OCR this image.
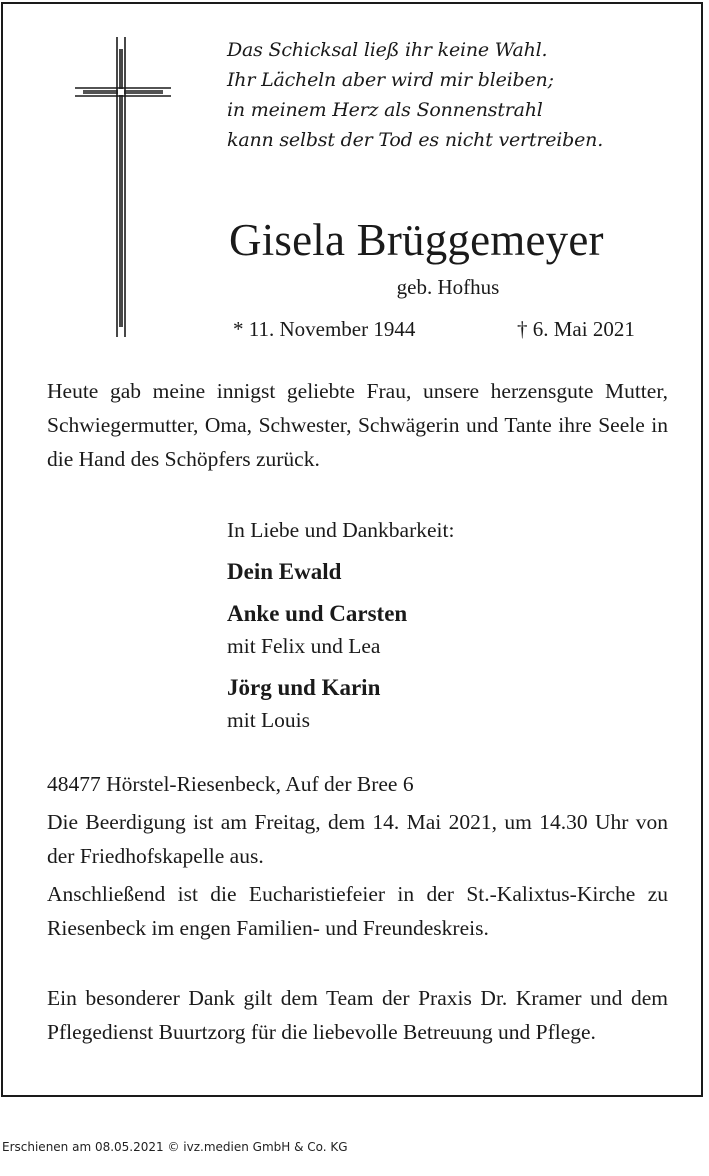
Das Schicksal ließ ihr keine Wahl.
Ihr Lächeln aber wird mir bleiben;
in meinem Herz als Sonnenstrahl
kann selbst der Tod es nicht vertreiben.
Gisela Brüggemeyer
geb. Hofhus
* 11. November 1944	† 6. Mai 2021
Heute gab meine innigst geliebte Frau, unsere herzensgute Mutter, Schwiegermutter, Oma, Schwester, Schwägerin und Tante ihre Seele in die Hand des Schöpfers zurück.
In Liebe und Dankbarkeit:
Dein Ewald
Anke und Carsten
mit Felix und Lea
Jörg und Karin
mit Louis
48477 Hörstel-Riesenbeck, Auf der Bree 6
Die Beerdigung ist am Freitag, dem 14. Mai 2021, um 14.30 Uhr von der Friedhofskapelle aus.
Anschließend ist die Eucharistiefeier in der St.-Kalixtus-Kirche zu Riesenbeck im engen Familien- und Freundeskreis.
Ein besonderer Dank gilt dem Team der Praxis Dr. Kramer und dem Pflegedienst Buurtzorg für die liebevolle Betreuung und Pflege.
Erschienen am 08.05.2021 © ivz.medien GmbH & Co. KG
